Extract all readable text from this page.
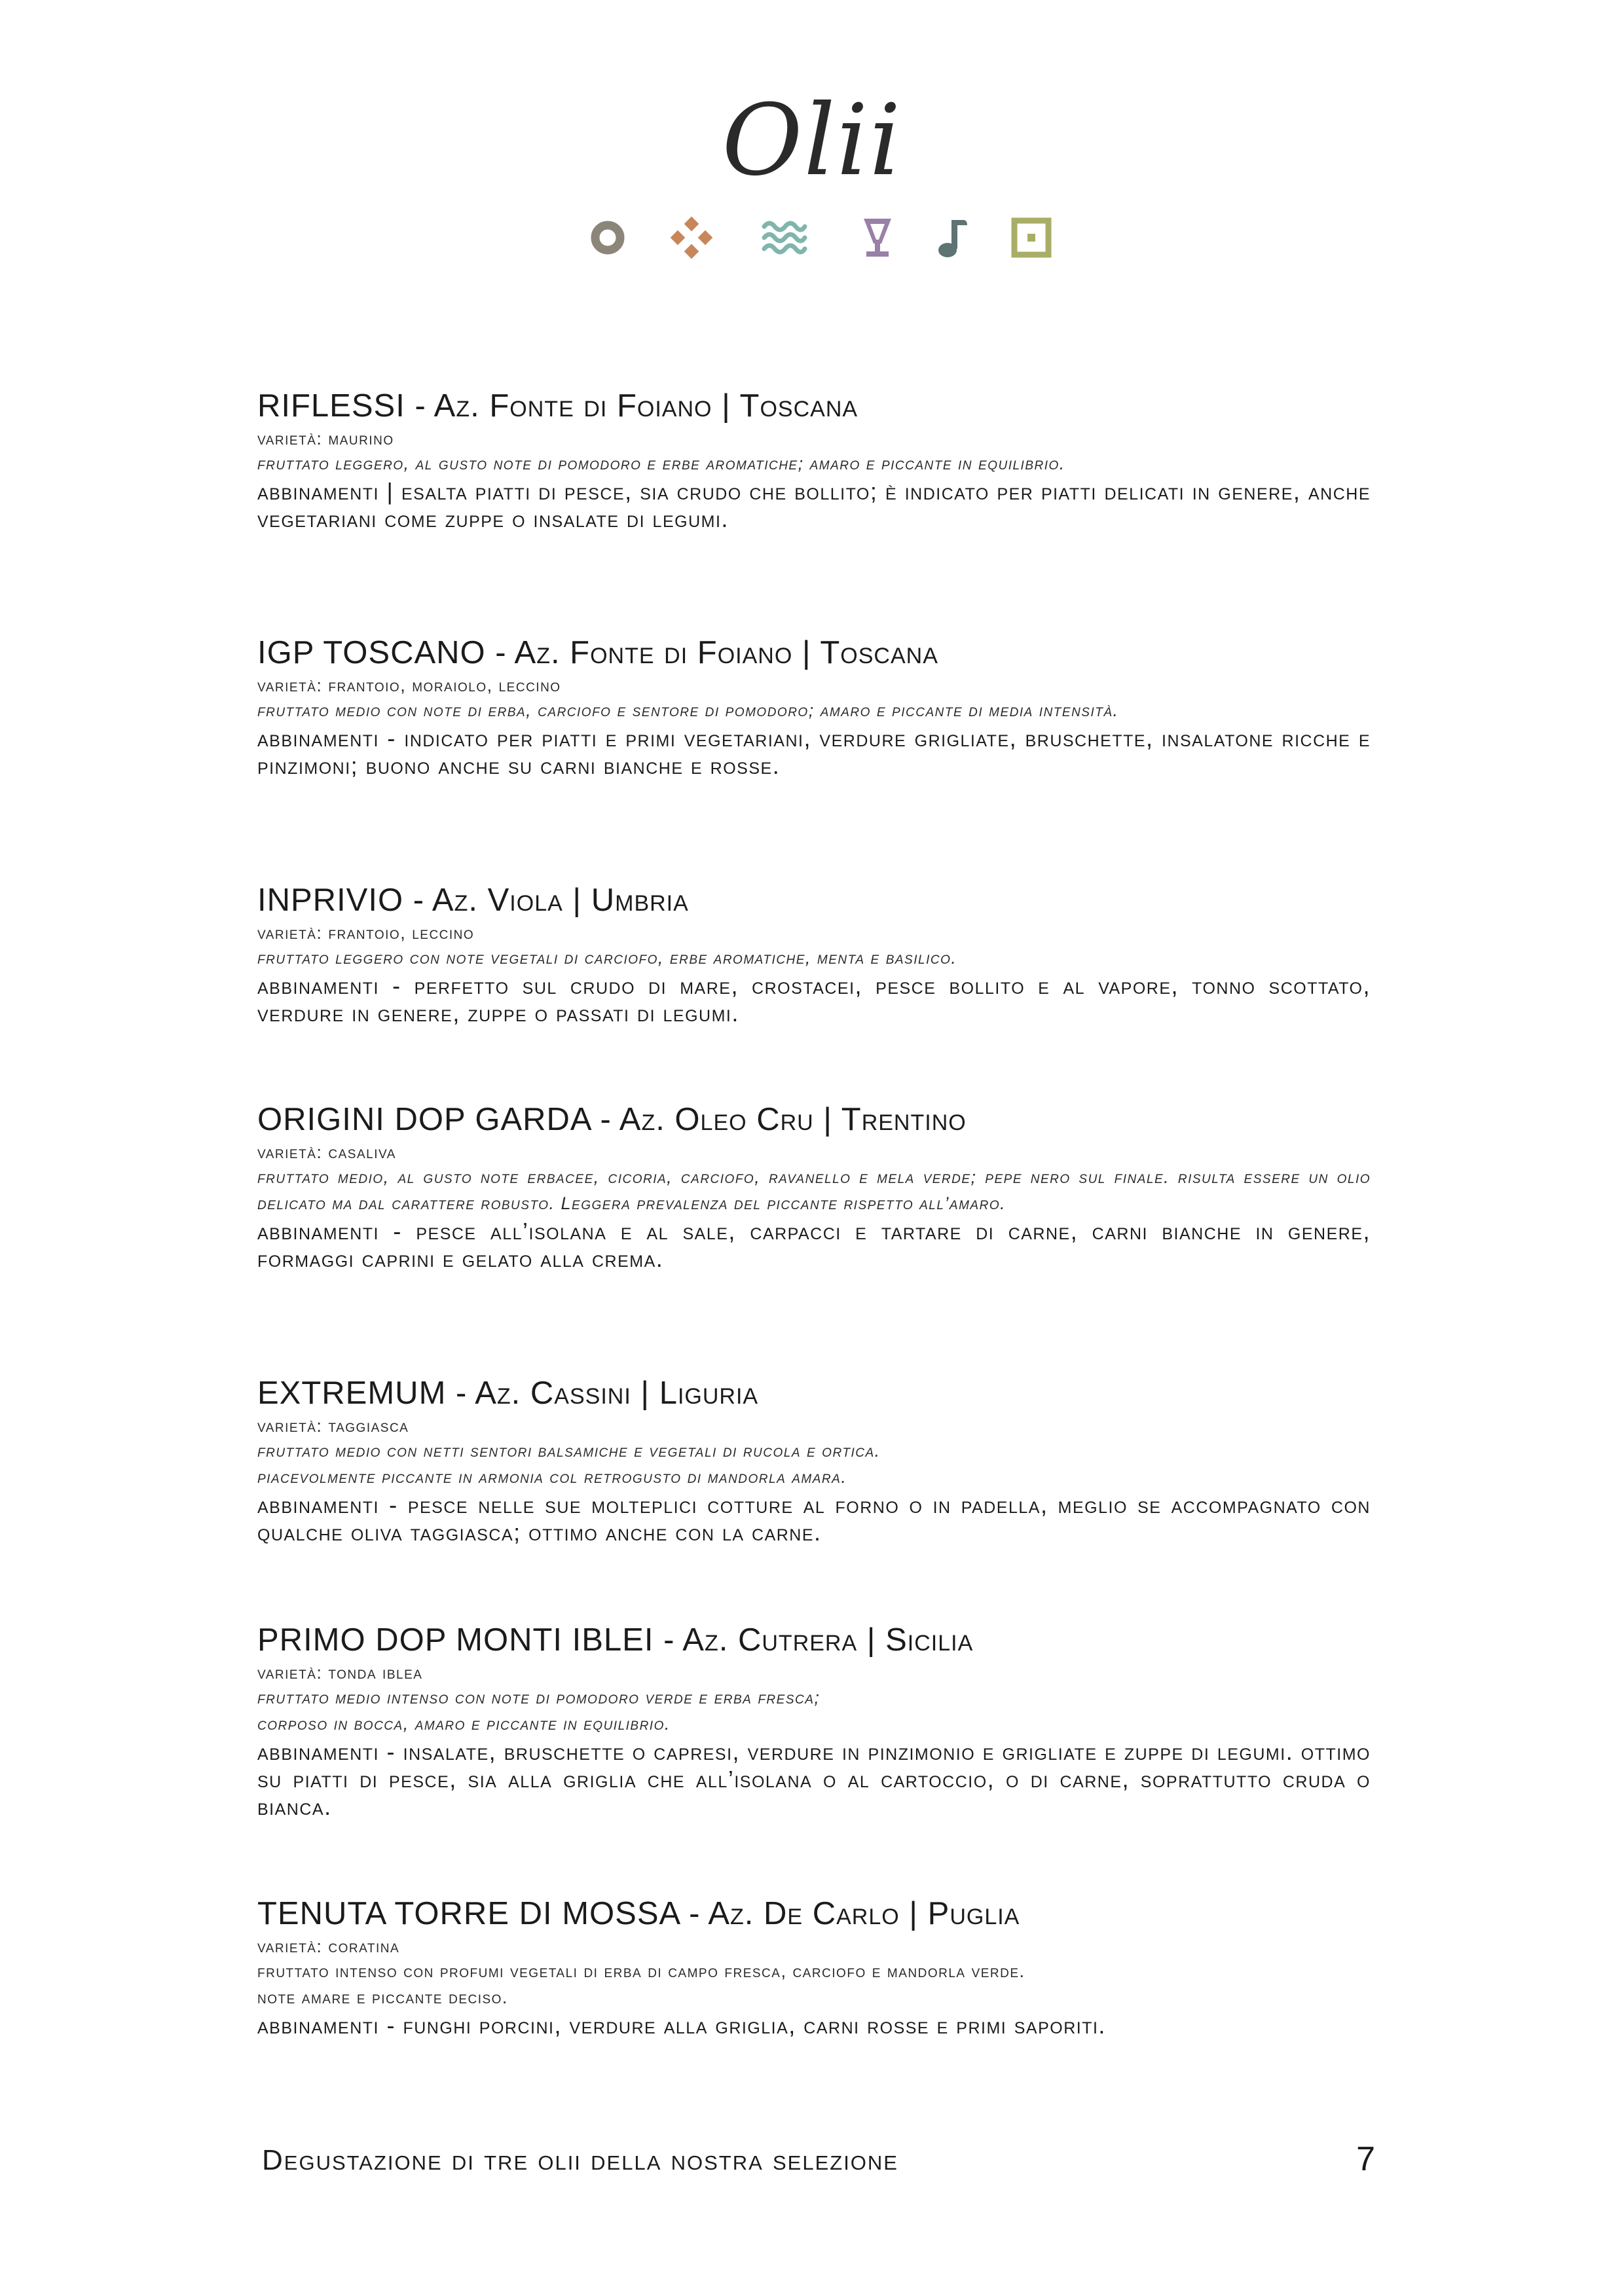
Olii
RIFLESSI - Az. Fonte di Foiano | Toscana
varietà: maurino
fruttato leggero, al gusto note di pomodoro e erbe aromatiche; amaro e piccante in equilibrio.
abbinamenti | esalta piatti di pesce, sia crudo che bollito; è indicato per piatti delicati in genere, anche vegetariani come zuppe o insalate di legumi.
IGP TOSCANO - Az. Fonte di Foiano | Toscana
varietà: frantoio, moraiolo, leccino
fruttato medio con note di erba, carciofo e sentore di pomodoro; amaro e piccante di media intensità.
abbinamenti - indicato per piatti e primi vegetariani, verdure grigliate, bruschette, insalatone ricche e pinzimoni; buono anche su carni bianche e rosse.
INPRIVIO - Az. Viola | Umbria
varietà: frantoio, leccino
fruttato leggero con note vegetali di carciofo, erbe aromatiche, menta e basilico.
abbinamenti - perfetto sul crudo di mare, crostacei, pesce bollito e al vapore, tonno scottato, verdure in genere, zuppe o passati di legumi.
ORIGINI DOP GARDA - Az. Oleo Cru | Trentino
varietà: casaliva
fruttato medio, al gusto note erbacee, cicoria, carciofo, ravanello e mela verde; pepe nero sul finale. risulta essere un olio delicato ma dal carattere robusto. Leggera prevalenza del piccante rispetto all’amaro.
abbinamenti - pesce all’isolana e al sale, carpacci e tartare di carne, carni bianche in genere, formaggi caprini e gelato alla crema.
EXTREMUM - Az. Cassini | Liguria
varietà: taggiasca
fruttato medio con netti sentori balsamiche e vegetali di rucola e ortica.
piacevolmente piccante in armonia col retrogusto di mandorla amara.
abbinamenti - pesce nelle sue molteplici cotture al forno o in padella, meglio se accompagnato con qualche oliva taggiasca; ottimo anche con la carne.
PRIMO DOP MONTI IBLEI - Az. Cutrera | Sicilia
varietà: tonda iblea
fruttato medio intenso con note di pomodoro verde e erba fresca;
corposo in bocca, amaro e piccante in equilibrio.
abbinamenti - insalate, bruschette o capresi, verdure in pinzimonio e grigliate e zuppe di legumi. ottimo su piatti di pesce, sia alla griglia che all’isolana o al cartoccio, o di carne, soprattutto cruda o bianca.
TENUTA TORRE DI MOSSA - Az. De Carlo | Puglia
varietà: coratina
fruttato intenso con profumi vegetali di erba di campo fresca, carciofo e mandorla verde.
note amare e piccante deciso.
abbinamenti - funghi porcini, verdure alla griglia, carni rosse e primi saporiti.
Degustazione di tre olii della nostra selezione	7
